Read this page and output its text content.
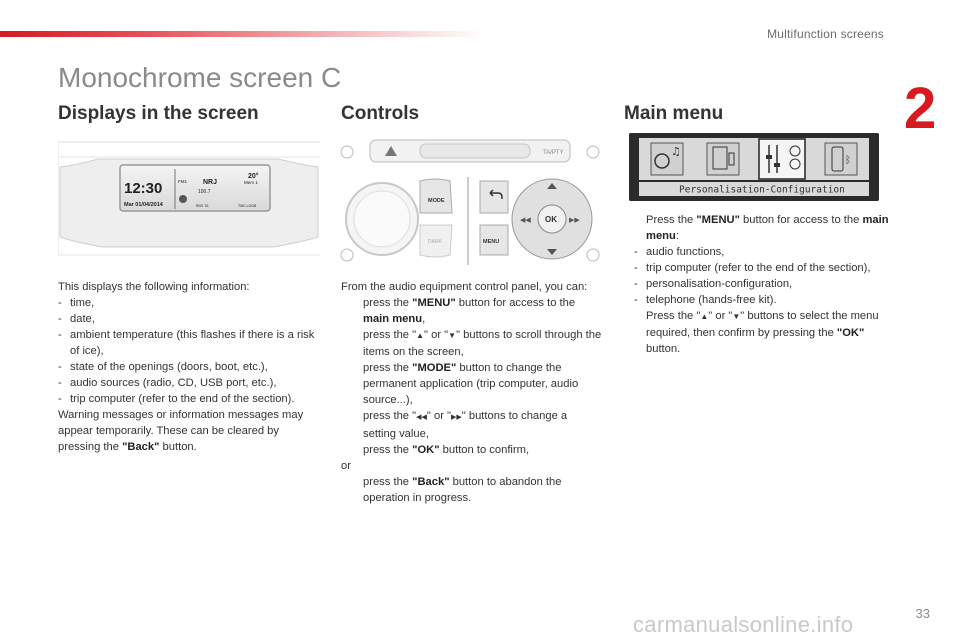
Multifunction screens
2
Monochrome screen C
Displays in the screen
12:30
Mar 01/04/2014
20°
FM1 NRJ	Mem 1
100.7
RDS TA	TMC LOGB
This displays the following information:
- time,
- date,
- ambient temperature (this flashes if there is a risk of ice),
- state of the openings (doors, boot, etc.),
- audio sources (radio, CD, USB port, etc.),
- trip computer (refer to the end of the section).
Warning messages or information messages may appear temporarily. These can be cleared by pressing the "Back" button.
Controls
TA/PTY
MODE
DARK	MENU
OK
◀◀	▶▶
From the audio equipment control panel, you can:
press the "MENU" button for access to the main menu,
press the "▲" or "▼" buttons to scroll through the items on the screen,
press the "MODE" button to change the permanent application (trip computer, audio source...),
press the "◀◀" or "▶▶" buttons to change a setting value,
press the "OK" button to confirm,
or
press the "Back" button to abandon the operation in progress.
Main menu
♫
ᛒ
Personalisation-Configuration
Press the "MENU" button for access to the main menu:
- audio functions,
- trip computer (refer to the end of the section),
- personalisation-configuration,
- telephone (hands-free kit).
Press the "▲" or "▼" buttons to select the menu required, then confirm by pressing the "OK" button.
carmanualsonline.info	33
